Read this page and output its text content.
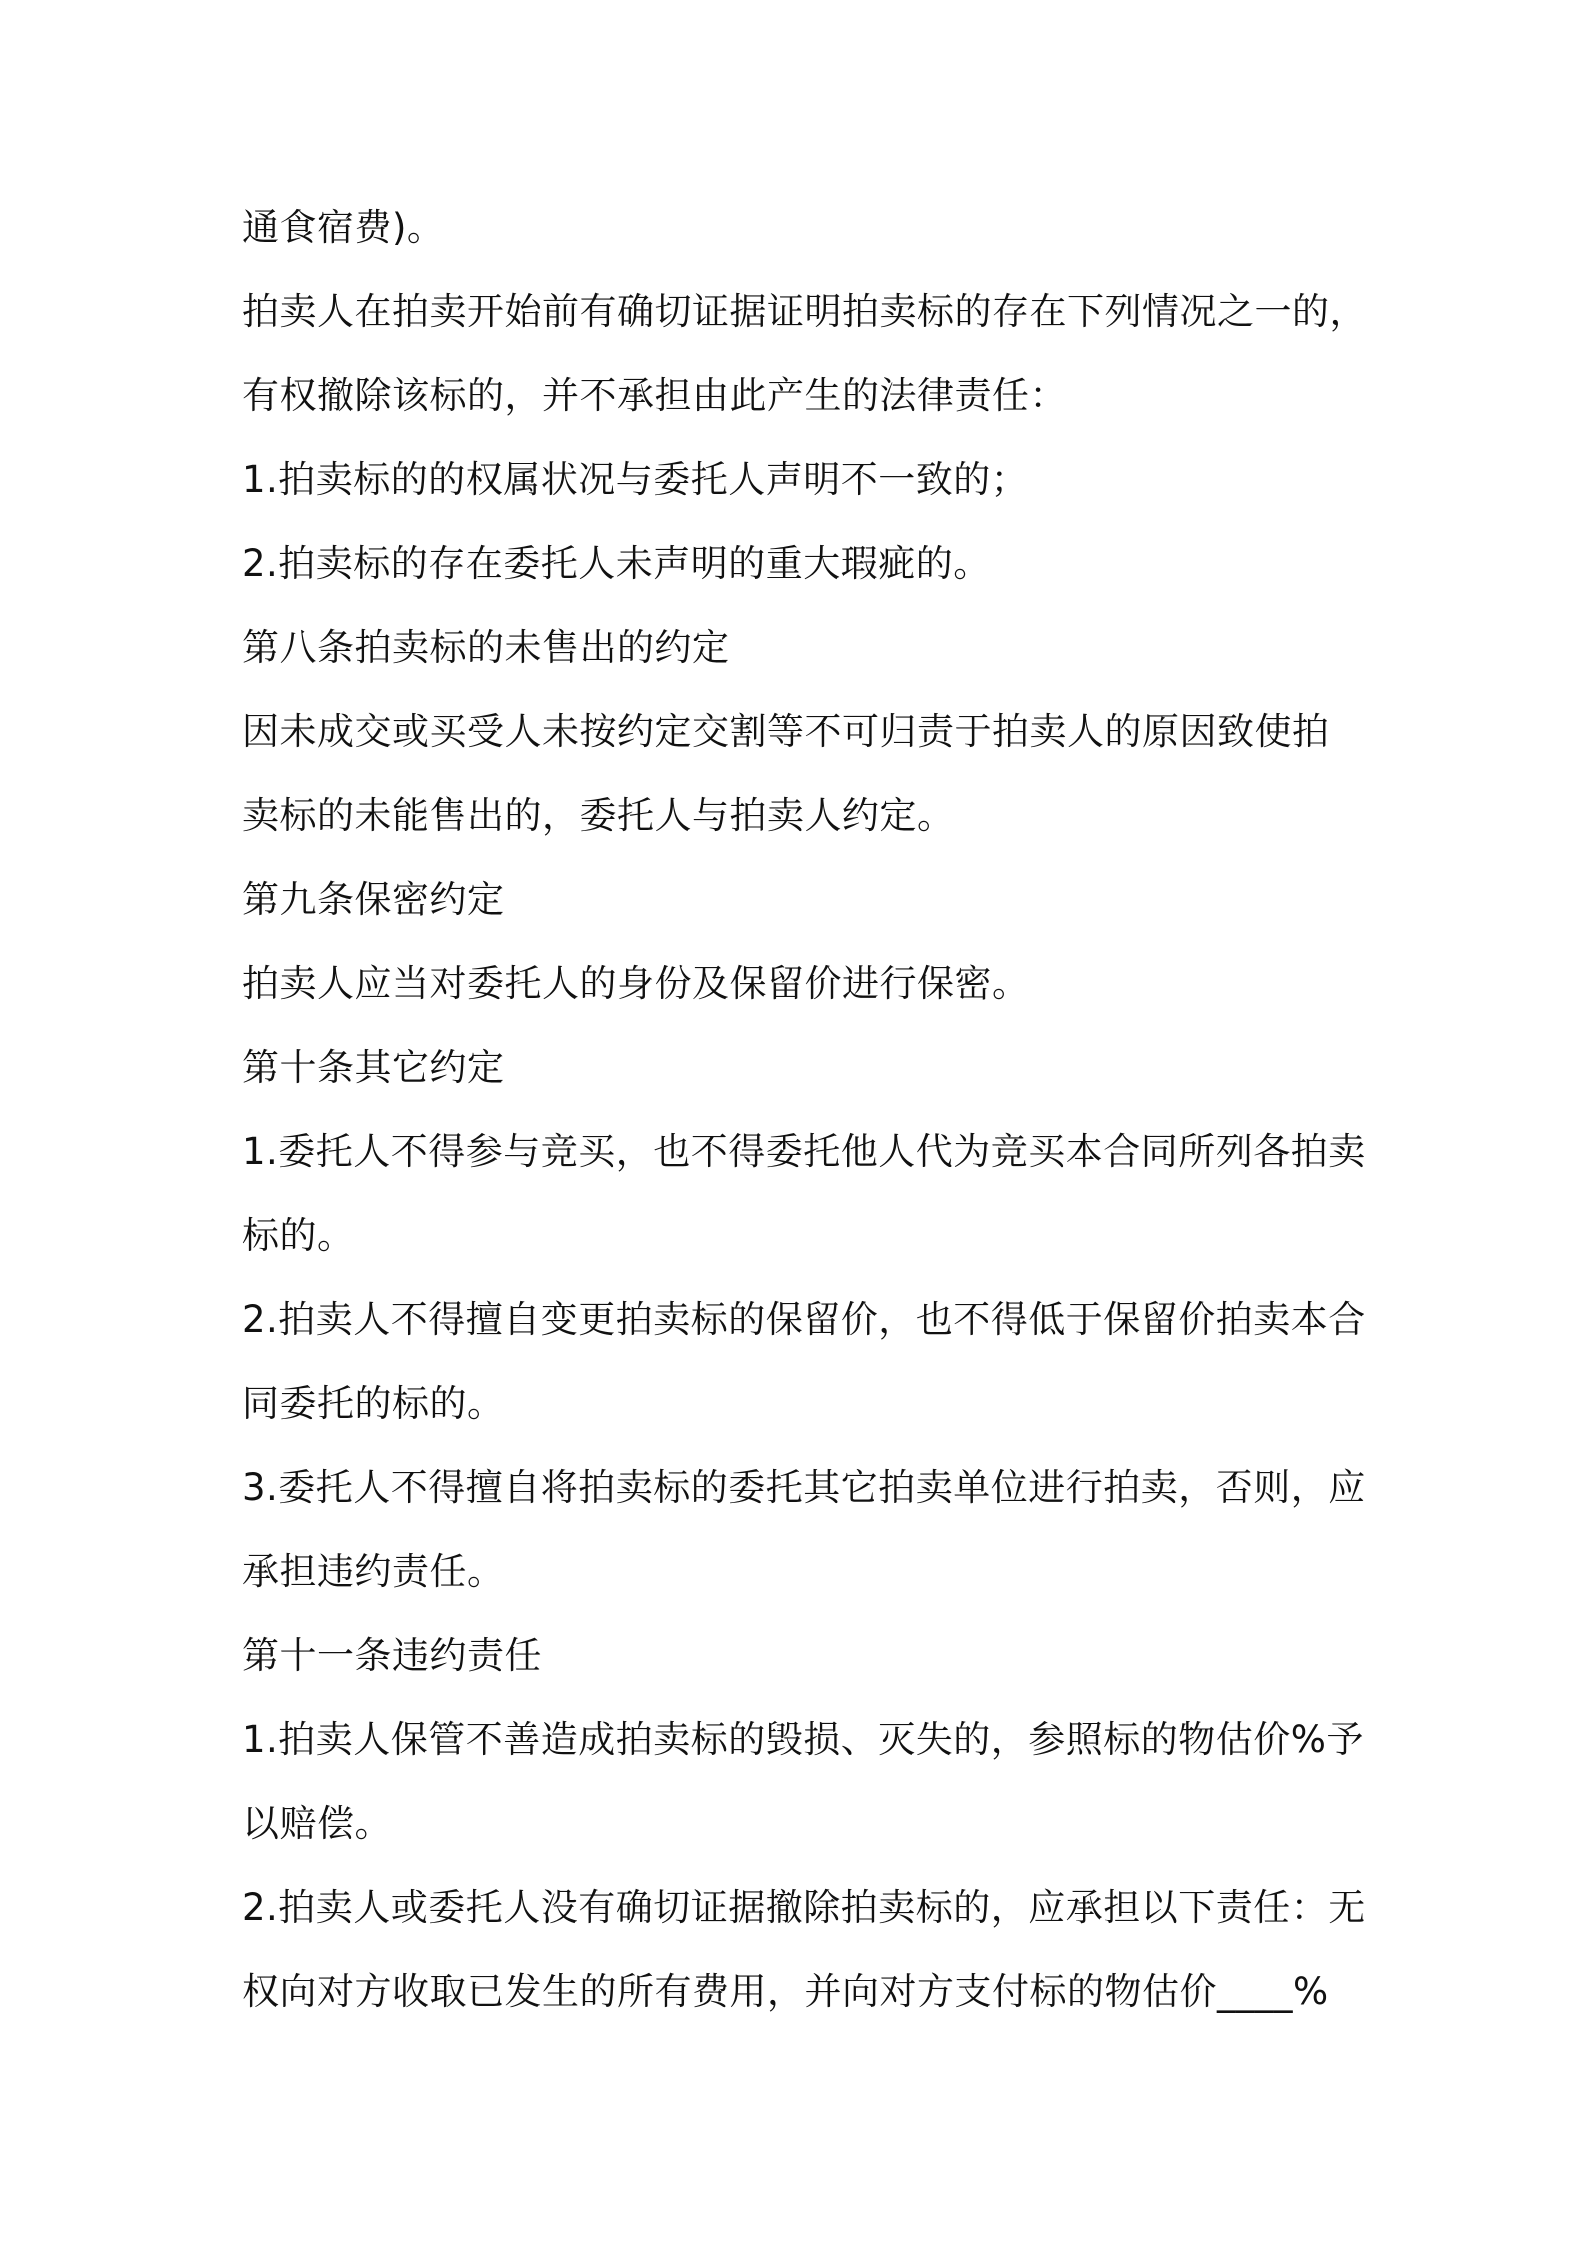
通食宿费)。

拍卖人在拍卖开始前有确切证据证明拍卖标的存在下列情况之一的，

有权撤除该标的，并不承担由此产生的法律责任：

1.拍卖标的的权属状况与委托人声明不一致的；

2.拍卖标的存在委托人未声明的重大瑕疵的。

第八条拍卖标的未售出的约定

因未成交或买受人未按约定交割等不可归责于拍卖人的原因致使拍

卖标的未能售出的，委托人与拍卖人约定。

第九条保密约定

拍卖人应当对委托人的身份及保留价进行保密。

第十条其它约定

1.委托人不得参与竞买，也不得委托他人代为竞买本合同所列各拍卖

标的。

2.拍卖人不得擅自变更拍卖标的保留价，也不得低于保留价拍卖本合

同委托的标的。

3.委托人不得擅自将拍卖标的委托其它拍卖单位进行拍卖，否则，应

承担违约责任。

第十一条违约责任

1.拍卖人保管不善造成拍卖标的毁损、灭失的，参照标的物估价%予

以赔偿。

2.拍卖人或委托人没有确切证据撤除拍卖标的，应承担以下责任：无

权向对方收取已发生的所有费用，并向对方支付标的物估价____%
